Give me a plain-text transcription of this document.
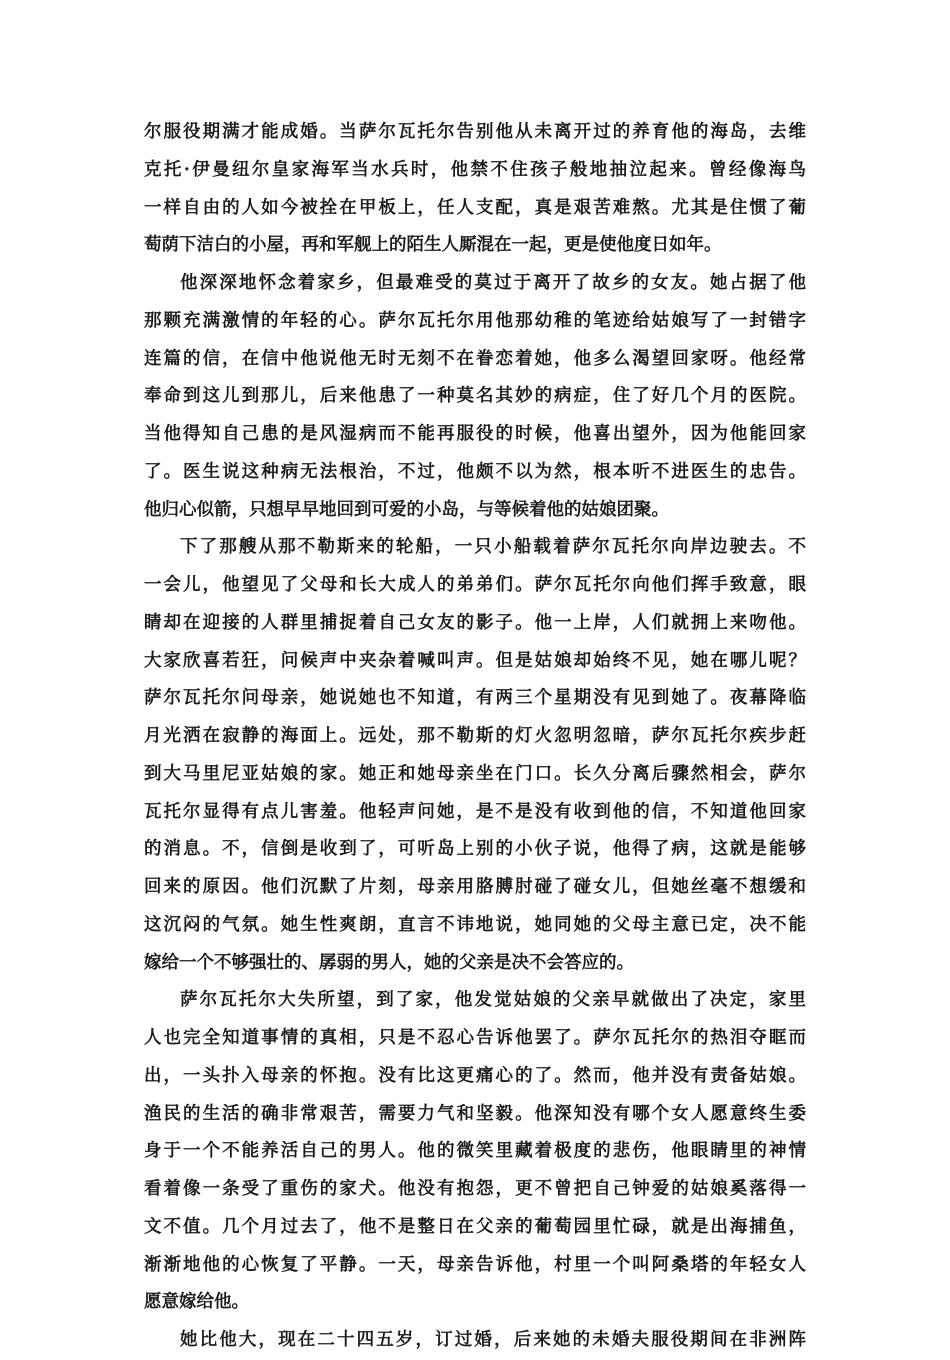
尔服役期满才能成婚。当萨尔瓦托尔告别他从未离开过的养育他的海岛，去维
克托·伊曼纽尔皇家海军当水兵时，他禁不住孩子般地抽泣起来。曾经像海鸟
一样自由的人如今被拴在甲板上，任人支配，真是艰苦难熬。尤其是住惯了葡
萄荫下洁白的小屋，再和军舰上的陌生人厮混在一起，更是使他度日如年。
他深深地怀念着家乡，但最难受的莫过于离开了故乡的女友。她占据了他
那颗充满激情的年轻的心。萨尔瓦托尔用他那幼稚的笔迹给姑娘写了一封错字
连篇的信，在信中他说他无时无刻不在眷恋着她，他多么渴望回家呀。他经常
奉命到这儿到那儿，后来他患了一种莫名其妙的病症，住了好几个月的医院。
当他得知自己患的是风湿病而不能再服役的时候，他喜出望外，因为他能回家
了。医生说这种病无法根治，不过，他颇不以为然，根本听不进医生的忠告。
他归心似箭，只想早早地回到可爱的小岛，与等候着他的姑娘团聚。
下了那艘从那不勒斯来的轮船，一只小船载着萨尔瓦托尔向岸边驶去。不
一会儿，他望见了父母和长大成人的弟弟们。萨尔瓦托尔向他们挥手致意，眼
睛却在迎接的人群里捕捉着自己女友的影子。他一上岸，人们就拥上来吻他。
大家欣喜若狂，问候声中夹杂着喊叫声。但是姑娘却始终不见，她在哪儿呢？
萨尔瓦托尔问母亲，她说她也不知道，有两三个星期没有见到她了。夜幕降临
月光洒在寂静的海面上。远处，那不勒斯的灯火忽明忽暗，萨尔瓦托尔疾步赶
到大马里尼亚姑娘的家。她正和她母亲坐在门口。长久分离后骤然相会，萨尔
瓦托尔显得有点儿害羞。他轻声问她，是不是没有收到他的信，不知道他回家
的消息。不，信倒是收到了，可听岛上别的小伙子说，他得了病，这就是能够
回来的原因。他们沉默了片刻，母亲用胳膊肘碰了碰女儿，但她丝毫不想缓和
这沉闷的气氛。她生性爽朗，直言不讳地说，她同她的父母主意已定，决不能
嫁给一个不够强壮的、孱弱的男人，她的父亲是决不会答应的。
萨尔瓦托尔大失所望，到了家，他发觉姑娘的父亲早就做出了决定，家里
人也完全知道事情的真相，只是不忍心告诉他罢了。萨尔瓦托尔的热泪夺眶而
出，一头扑入母亲的怀抱。没有比这更痛心的了。然而，他并没有责备姑娘。
渔民的生活的确非常艰苦，需要力气和坚毅。他深知没有哪个女人愿意终生委
身于一个不能养活自己的男人。他的微笑里藏着极度的悲伤，他眼睛里的神情
看着像一条受了重伤的家犬。他没有抱怨，更不曾把自己钟爱的姑娘奚落得一
文不值。几个月过去了，他不是整日在父亲的葡萄园里忙碌，就是出海捕鱼，
渐渐地他的心恢复了平静。一天，母亲告诉他，村里一个叫阿桑塔的年轻女人
愿意嫁给他。
她比他大，现在二十四五岁，订过婚，后来她的未婚夫服役期间在非洲阵
